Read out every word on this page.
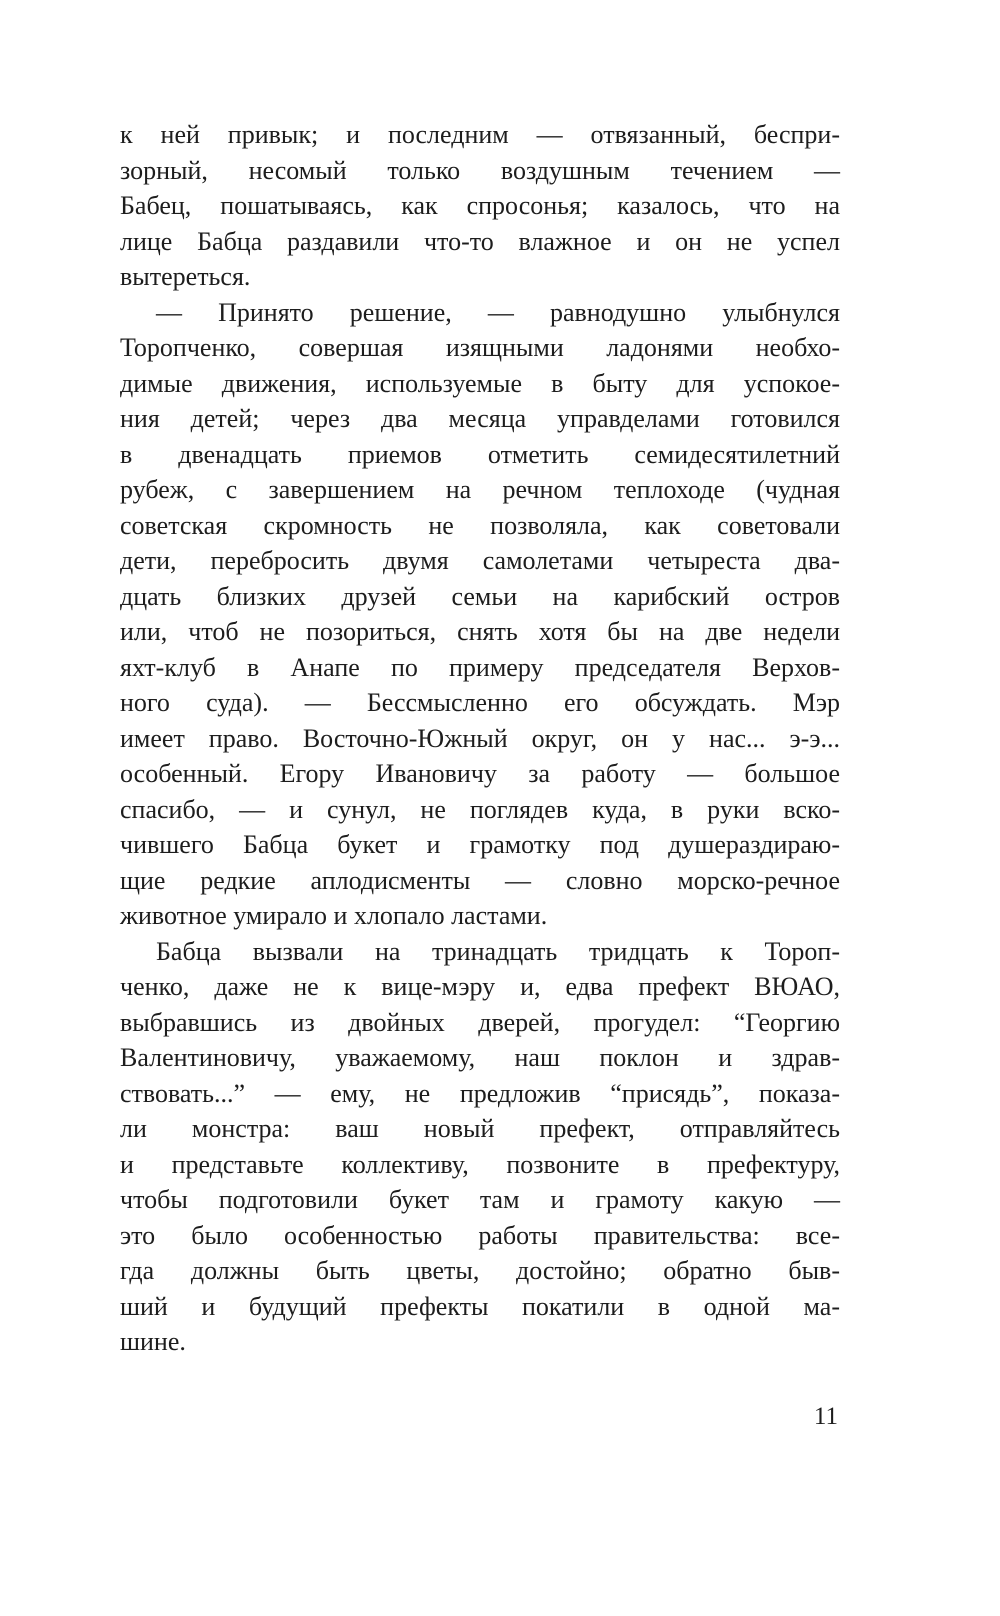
к ней привык; и последним — отвязанный, беспри-
зорный, несомый только воздушным течением —
Бабец, пошатываясь, как спросонья; казалось, что на
лице Бабца раздавили что-то влажное и он не успел
вытереться.
— Принято решение, — равнодушно улыбнулся
Торопченко, совершая изящными ладонями необхо-
димые движения, используемые в быту для успокое-
ния детей; через два месяца управделами готовился
в двенадцать приемов отметить семидесятилетний
рубеж, с завершением на речном теплоходе (чудная
советская скромность не позволяла, как советовали
дети, перебросить двумя самолетами четыреста два-
дцать близких друзей семьи на карибский остров
или, чтоб не позориться, снять хотя бы на две недели
яхт-клуб в Анапе по примеру председателя Верхов-
ного суда). — Бессмысленно его обсуждать. Мэр
имеет право. Восточно-Южный округ, он у нас... э-э...
особенный. Егору Ивановичу за работу — большое
спасибо, — и сунул, не поглядев куда, в руки вско-
чившего Бабца букет и грамотку под душераздираю-
щие редкие аплодисменты — словно морско-речное
животное умирало и хлопало ластами.
Бабца вызвали на тринадцать тридцать к Тороп-
ченко, даже не к вице-мэру и, едва префект ВЮАО,
выбравшись из двойных дверей, прогудел: “Георгию
Валентиновичу, уважаемому, наш поклон и здрав-
ствовать...” — ему, не предложив “присядь”, показа-
ли монстра: ваш новый префект, отправляйтесь
и представьте коллективу, позвоните в префектуру,
чтобы подготовили букет там и грамоту какую —
это было особенностью работы правительства: все-
гда должны быть цветы, достойно; обратно быв-
ший и будущий префекты покатили в одной ма-
шине.
11
